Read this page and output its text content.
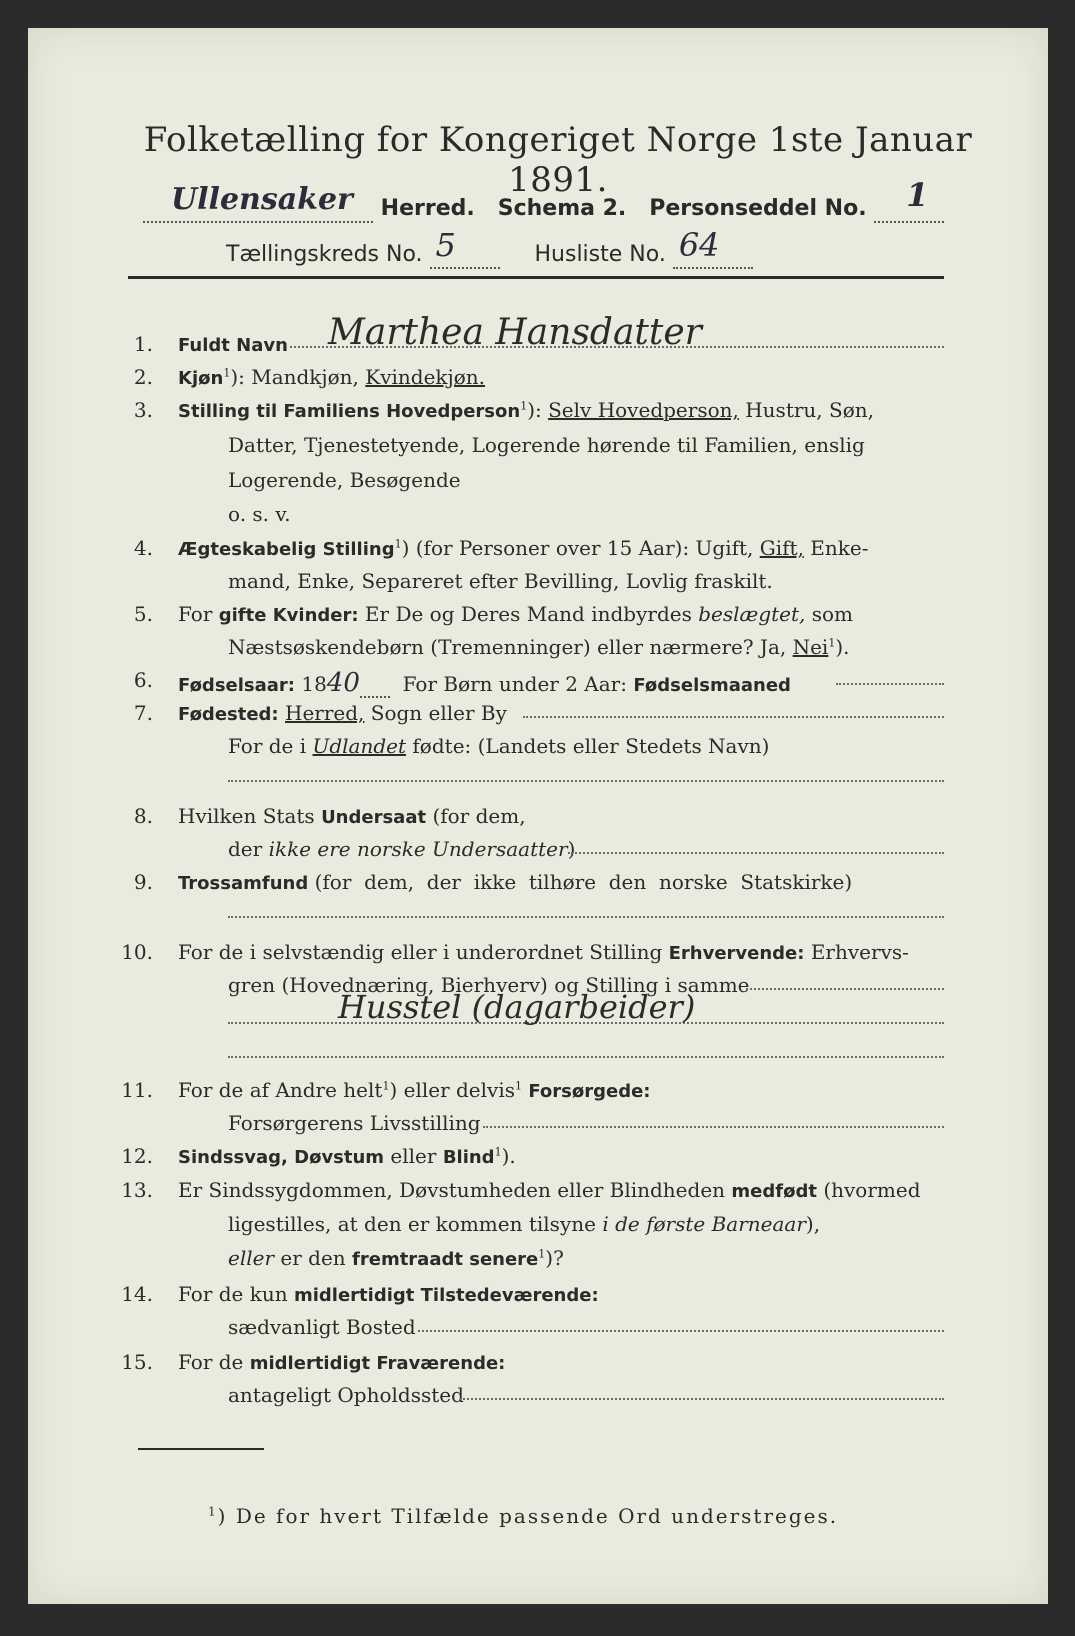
Folketælling for Kongeriget Norge 1ste Januar 1891.
Ullensaker Herred. Schema 2. Personseddel No. 1

Tællingskreds No. 5	Husliste No. 64

1. Fuldt Navn Marthea Hansdatter
2. Kjøn$^1$): Mandkjøn, Kvindekjøn.
3. Stilling til Familiens Hovedperson$^1$): Selv Hovedperson, Hustru, Søn,
Datter, Tjenestetyende, Logerende hørende til Familien, enslig
Logerende, Besøgende
o. s. v.
4. Ægteskabelig Stilling$^1$) (for Personer over 15 Aar): Ugift, Gift, Enke-
mand, Enke, Separeret efter Bevilling, Lovlig fraskilt.
5. For gifte Kvinder: Er De og Deres Mand indbyrdes beslægtet, som
Næstsøskendebørn (Tremenninger) eller nærmere? Ja, Nei$^1$).
6. Fødselsaar: 1840 For Børn under 2 Aar: Fødselsmaaned
7. Fødested: Herred, Sogn eller By
For de i Udlandet fødte: (Landets eller Stedets Navn)
8. Hvilken Stats Undersaat (for dem,
der ikke ere norske Undersaatter)
9. Trossamfund (for  dem,  der  ikke  tilhøre  den  norske  Statskirke)
10. For de i selvstændig eller i underordnet Stilling Erhvervende: Erhvervs-
gren (Hovednæring, Bierhverv) og Stilling i samme
Husstel (dagarbeider)
11. For de af Andre helt$^1$) eller delvis$^1$ Forsørgede:
Forsørgerens Livsstilling
12. Sindssvag, Døvstum eller Blind$^1$).
13. Er Sindssygdommen, Døvstumheden eller Blindheden medfødt (hvormed
ligestilles, at den er kommen tilsyne i de første Barneaar),
eller er den fremtraadt senere$^1$)?
14. For de kun midlertidigt Tilstedeværende:
sædvanligt Bosted
15. For de midlertidigt Fraværende:
antageligt Opholdssted
$^1$) De for hvert Tilfælde passende Ord understreges.
